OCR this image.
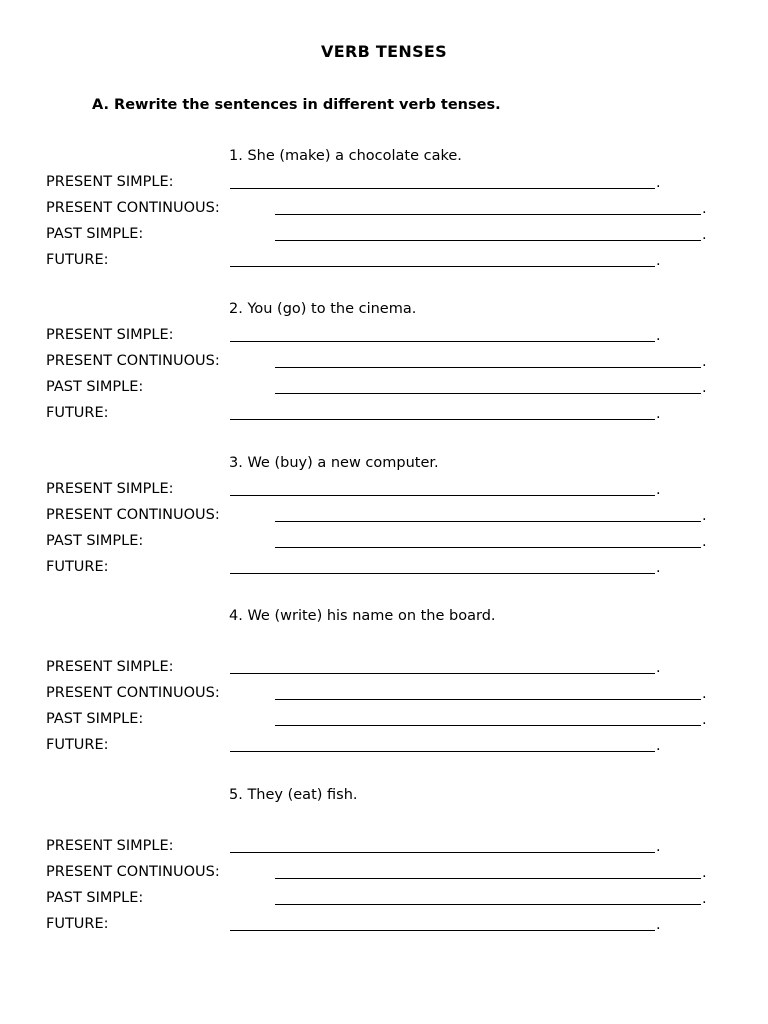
VERB TENSES
A. Rewrite the sentences in different verb tenses.
1. She (make) a chocolate cake.
PRESENT SIMPLE:	.
PRESENT CONTINUOUS:	.
PAST SIMPLE:	.
FUTURE:	.
2. You (go) to the cinema.
PRESENT SIMPLE:	.
PRESENT CONTINUOUS:	.
PAST SIMPLE:	.
FUTURE:	.
3. We (buy) a new computer.
PRESENT SIMPLE:	.
PRESENT CONTINUOUS:	.
PAST SIMPLE:	.
FUTURE:	.
4. We (write) his name on the board.
PRESENT SIMPLE:	.
PRESENT CONTINUOUS:	.
PAST SIMPLE:	.
FUTURE:	.
5. They (eat) fish.
PRESENT SIMPLE:	.
PRESENT CONTINUOUS:	.
PAST SIMPLE:	.
FUTURE:	.
